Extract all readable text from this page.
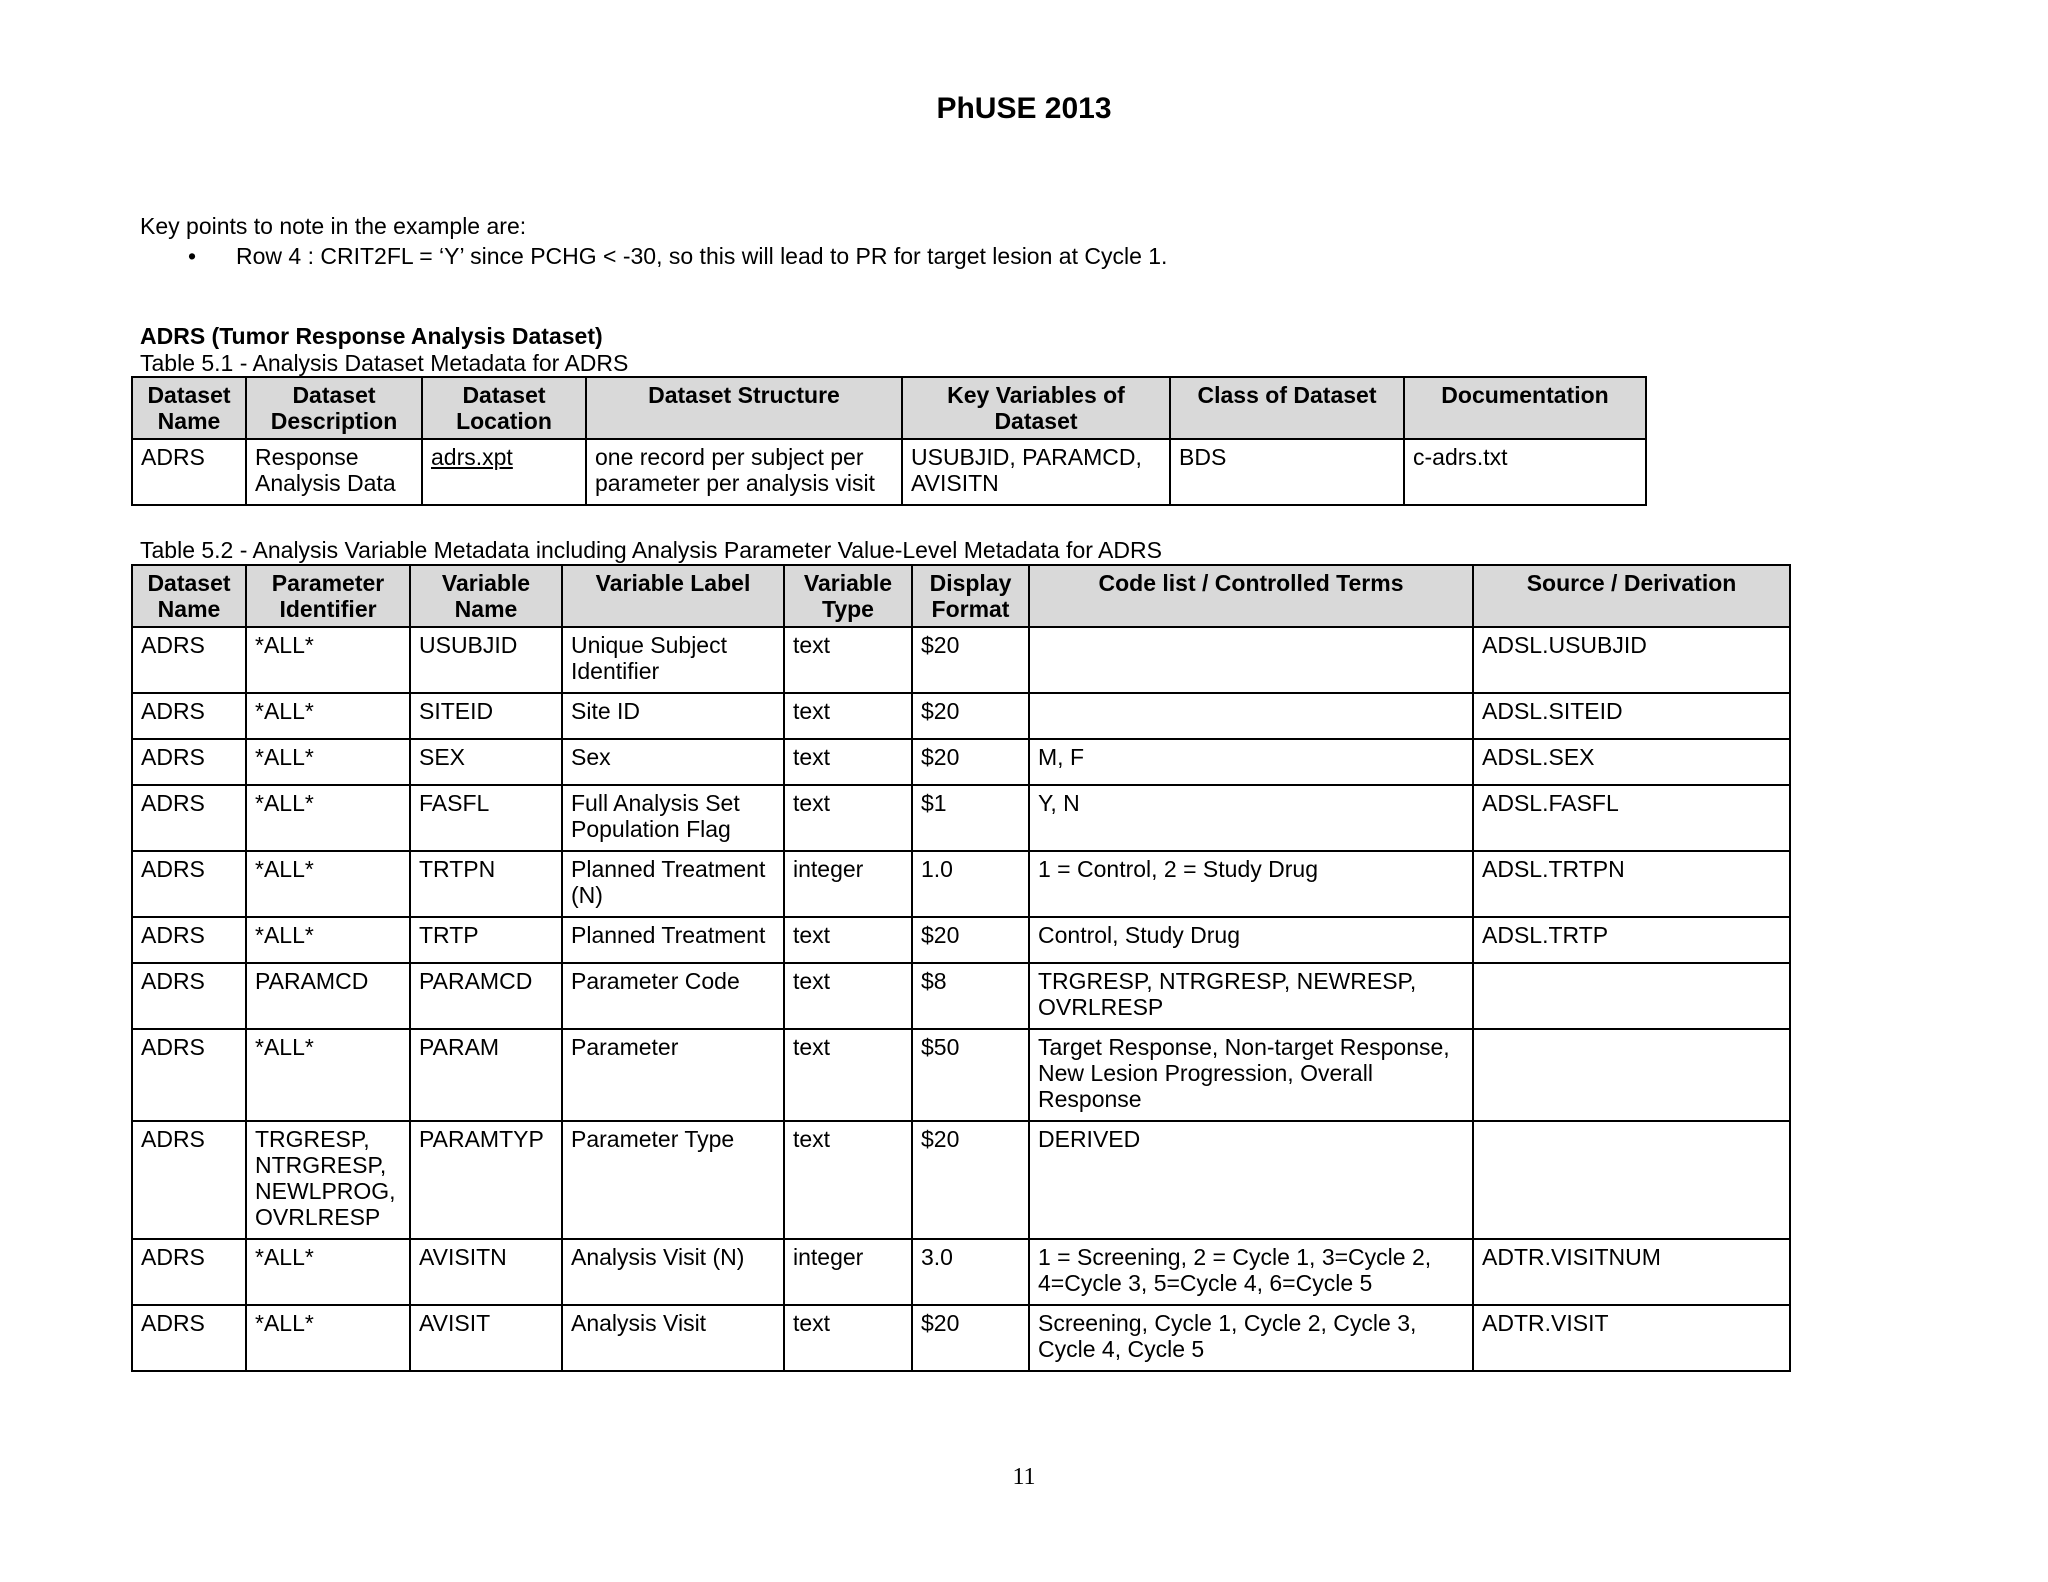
PhUSE 2013
Key points to note in the example are:
•	Row 4 : CRIT2FL = ‘Y’ since PCHG < -30, so this will lead to PR for target lesion at Cycle 1.
ADRS (Tumor Response Analysis Dataset)
Table 5.1 - Analysis Dataset Metadata for ADRS
Dataset Name	Dataset Description	Dataset Location	Dataset Structure	Key Variables of Dataset	Class of Dataset	Documentation
ADRS	Response Analysis Data	adrs.xpt	one record per subject per parameter per analysis visit	USUBJID, PARAMCD, AVISITN	BDS	c-adrs.txt
Table 5.2 - Analysis Variable Metadata including Analysis Parameter Value-Level Metadata for ADRS
Dataset Name	Parameter Identifier	Variable Name	Variable Label	Variable Type	Display Format	Code list / Controlled Terms	Source / Derivation
ADRS	*ALL*	USUBJID	Unique Subject Identifier	text	$20		ADSL.USUBJID
ADRS	*ALL*	SITEID	Site ID	text	$20		ADSL.SITEID
ADRS	*ALL*	SEX	Sex	text	$20	M, F	ADSL.SEX
ADRS	*ALL*	FASFL	Full Analysis Set Population Flag	text	$1	Y, N	ADSL.FASFL
ADRS	*ALL*	TRTPN	Planned Treatment (N)	integer	1.0	1 = Control, 2 = Study Drug	ADSL.TRTPN
ADRS	*ALL*	TRTP	Planned Treatment	text	$20	Control, Study Drug	ADSL.TRTP
ADRS	PARAMCD	PARAMCD	Parameter Code	text	$8	TRGRESP, NTRGRESP, NEWRESP, OVRLRESP	
ADRS	*ALL*	PARAM	Parameter	text	$50	Target Response, Non-target Response, New Lesion Progression, Overall Response	
ADRS	TRGRESP, NTRGRESP, NEWLPROG, OVRLRESP	PARAMTYP	Parameter Type	text	$20	DERIVED	
ADRS	*ALL*	AVISITN	Analysis Visit (N)	integer	3.0	1 = Screening, 2 = Cycle 1, 3=Cycle 2, 4=Cycle 3, 5=Cycle 4, 6=Cycle 5	ADTR.VISITNUM
ADRS	*ALL*	AVISIT	Analysis Visit	text	$20	Screening, Cycle 1, Cycle 2, Cycle 3, Cycle 4, Cycle 5	ADTR.VISIT
11
